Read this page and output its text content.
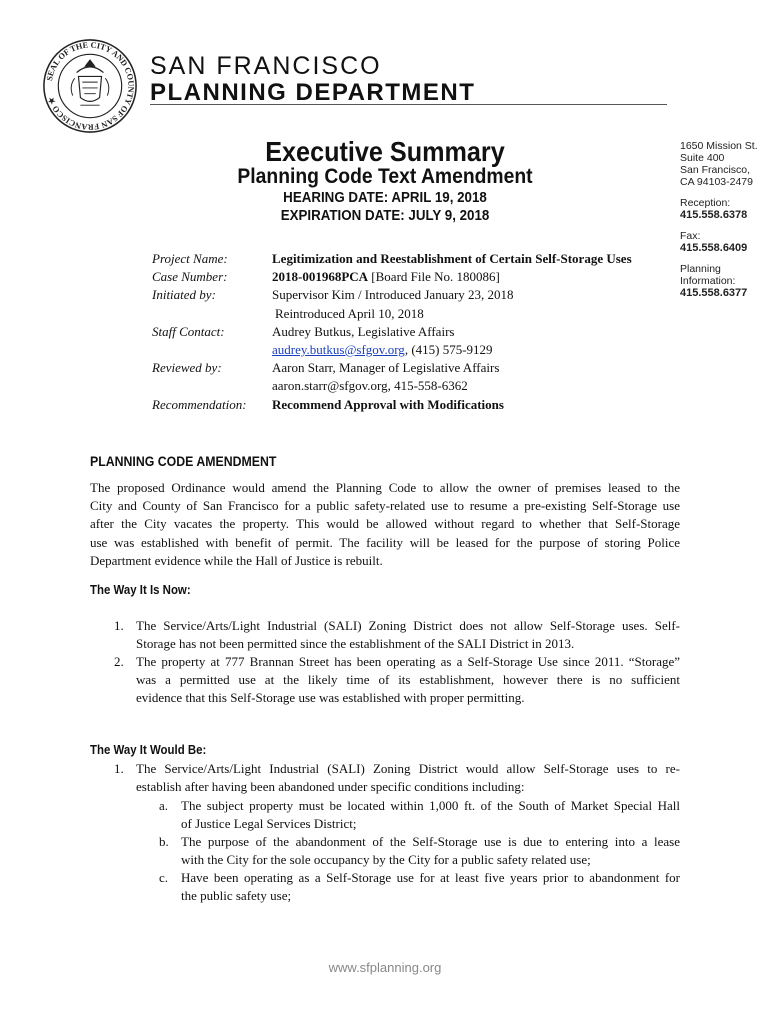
SEAL OF THE CITY AND COUNTY OF SAN FRANCISCO ★
SAN FRANCISCO
PLANNING DEPARTMENT
Executive Summary
Planning Code Text Amendment
HEARING DATE: APRIL 19, 2018
EXPIRATION DATE: JULY 9, 2018
1650 Mission St.
Suite 400
San Francisco,
CA 94103-2479
Reception:
415.558.6378
Fax:
415.558.6409
Planning
Information:
415.558.6377
Project Name:	Legitimization and Reestablishment of Certain Self-Storage Uses
Case Number:	2018-001968PCA [Board File No. 180086]
Initiated by:	Supervisor Kim / Introduced January 23, 2018
Reintroduced April 10, 2018
Staff Contact:	Audrey Butkus, Legislative Affairs
audrey.butkus@sfgov.org, (415) 575-9129
Reviewed by:	Aaron Starr, Manager of Legislative Affairs
aaron.starr@sfgov.org, 415-558-6362
Recommendation:	Recommend Approval with Modifications
PLANNING CODE AMENDMENT
The proposed Ordinance would amend the Planning Code to allow the owner of premises leased to the
City and County of San Francisco for a public safety-related use to resume a pre-existing Self-Storage use
after the City vacates the property. This would be allowed without regard to whether that Self-Storage
use was established with benefit of permit. The facility will be leased for the purpose of storing Police
Department evidence while the Hall of Justice is rebuilt.
The Way It Is Now:
1. The Service/Arts/Light Industrial (SALI) Zoning District does not allow Self-Storage uses. Self-
Storage has not been permitted since the establishment of the SALI District in 2013.
2. The property at 777 Brannan Street has been operating as a Self-Storage Use since 2011. “Storage”
was a permitted use at the likely time of its establishment, however there is no sufficient
evidence that this Self-Storage use was established with proper permitting.
The Way It Would Be:
1. The Service/Arts/Light Industrial (SALI) Zoning District would allow Self-Storage uses to re-
establish after having been abandoned under specific conditions including:
a. The subject property must be located within 1,000 ft. of the South of Market Special Hall
of Justice Legal Services District;
b. The purpose of the abandonment of the Self-Storage use is due to entering into a lease
with the City for the sole occupancy by the City for a public safety related use;
c. Have been operating as a Self-Storage use for at least five years prior to abandonment for
the public safety use;
www.sfplanning.org
